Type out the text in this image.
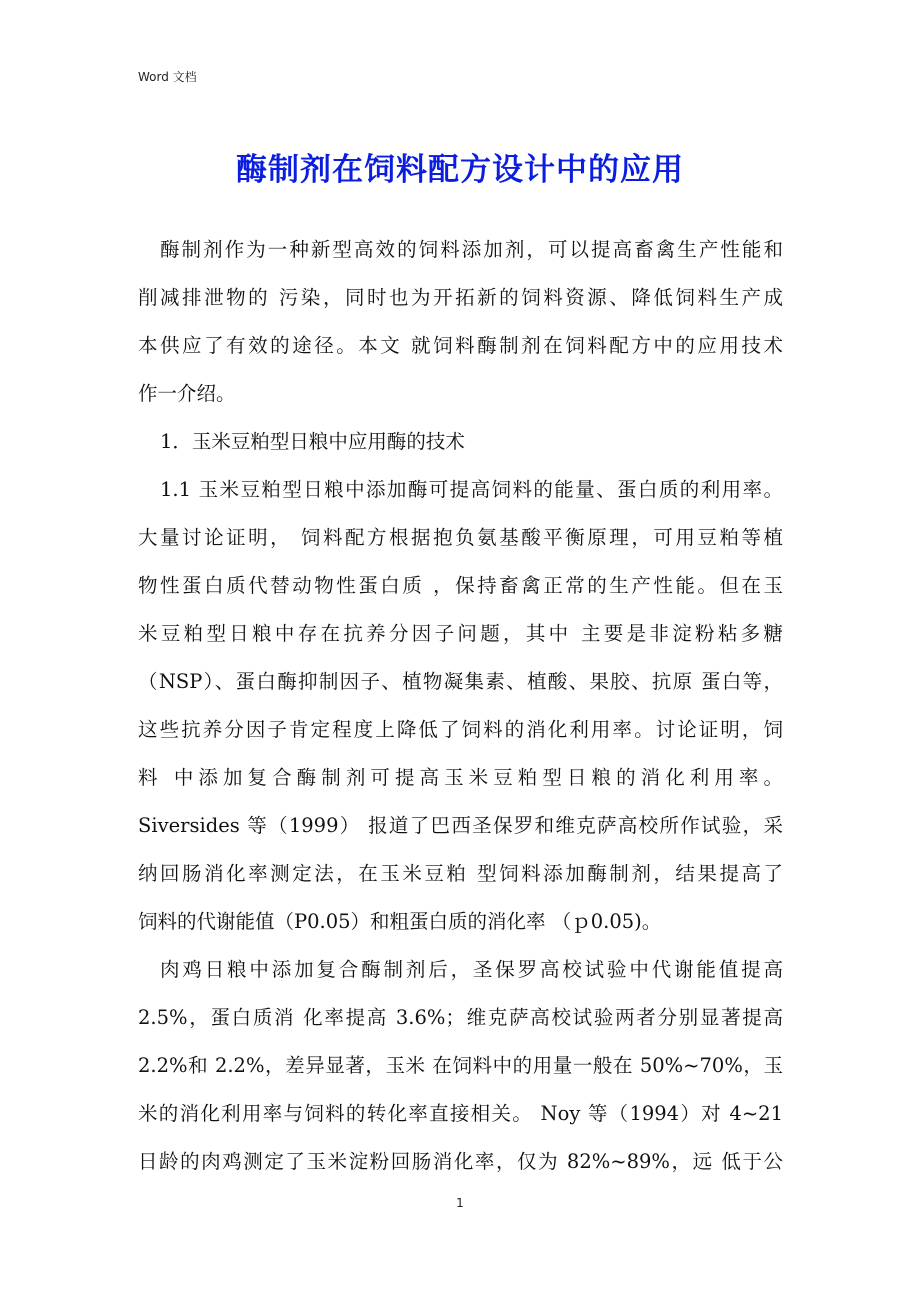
Word 文档
酶制剂在饲料配方设计中的应用
酶制剂作为一种新型高效的饲料添加剂，可以提高畜禽生产性能和
削减排泄物的 污染，同时也为开拓新的饲料资源、降低饲料生产成
本供应了有效的途径。本文 就饲料酶制剂在饲料配方中的应用技术
作一介绍。
1．玉米豆粕型日粮中应用酶的技术
1.1 玉米豆粕型日粮中添加酶可提高饲料的能量、蛋白质的利用率。
大量讨论证明， 饲料配方根据抱负氨基酸平衡原理，可用豆粕等植
物性蛋白质代替动物性蛋白质 ，保持畜禽正常的生产性能。但在玉
米豆粕型日粮中存在抗养分因子问题，其中 主要是非淀粉粘多糖
（NSP）、蛋白酶抑制因子、植物凝集素、植酸、果胶、抗原 蛋白等，
这些抗养分因子肯定程度上降低了饲料的消化利用率。讨论证明，饲
料 中添加复合酶制剂可提高玉米豆粕型日粮的消化利用率。
Siversides 等（1999） 报道了巴西圣保罗和维克萨高校所作试验，采
纳回肠消化率测定法，在玉米豆粕 型饲料添加酶制剂，结果提高了
饲料的代谢能值（P0.05）和粗蛋白质的消化率 （ｐ0.05)。
肉鸡日粮中添加复合酶制剂后，圣保罗高校试验中代谢能值提高
2.5%，蛋白质消 化率提高 3.6%；维克萨高校试验两者分别显著提高
2.2%和 2.2%，差异显著，玉米 在饲料中的用量一般在 50%~70%，玉
米的消化利用率与饲料的转化率直接相关。 Noy 等（1994）对 4~21
日龄的肉鸡测定了玉米淀粉回肠消化率，仅为 82%~89%，远 低于公
1
